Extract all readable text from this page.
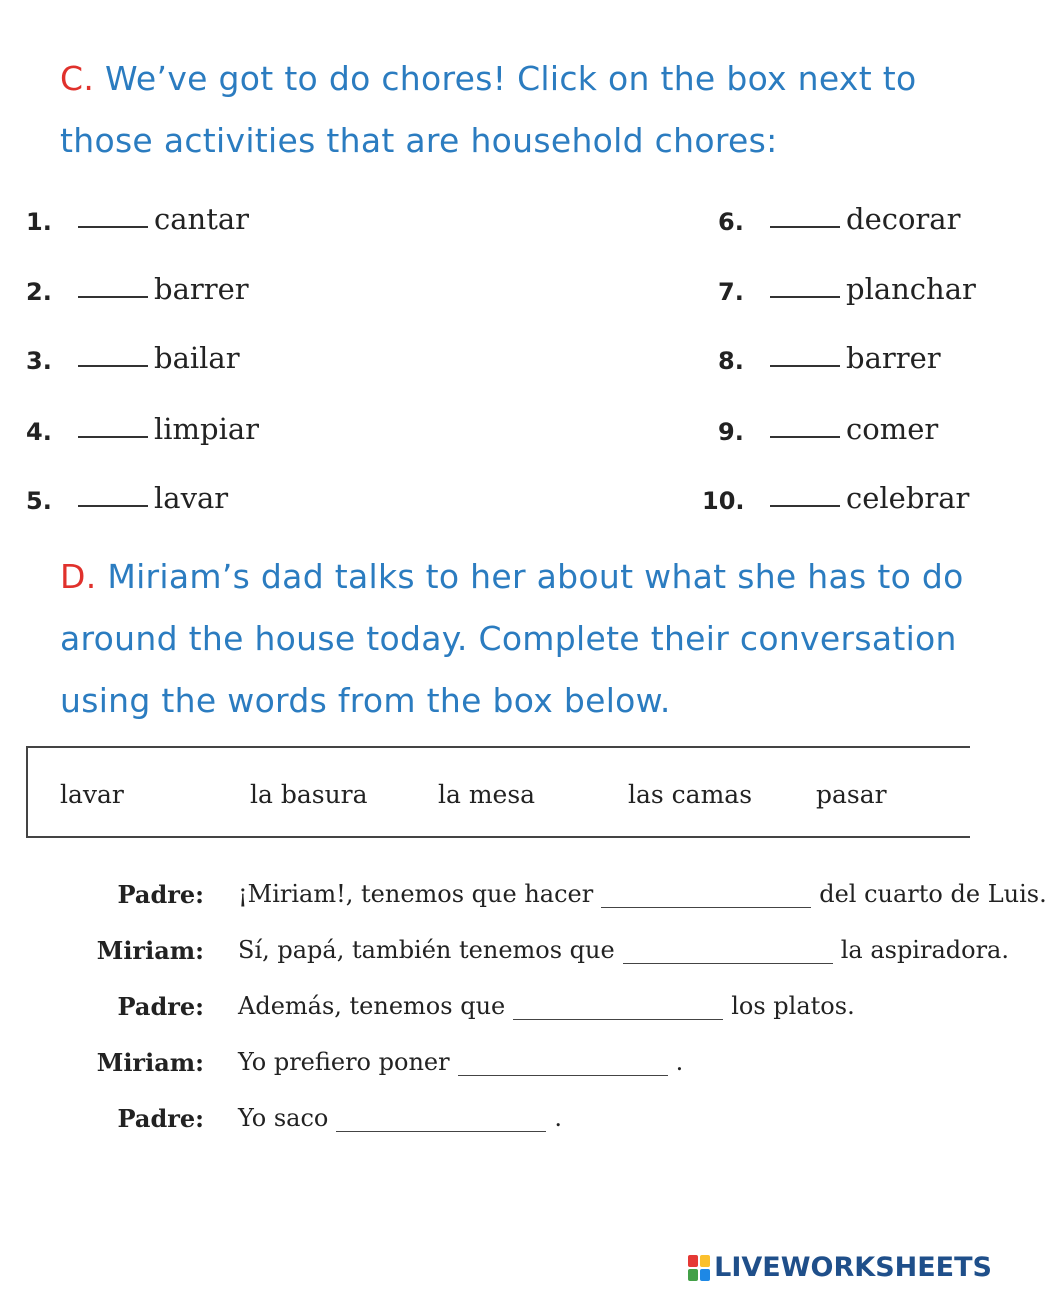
C. We’ve got to do chores! Click on the box next to those activities that are household chores:
1.	cantar
2.	barrer
3.	bailar
4.	limpiar
5.	lavar
6.	decorar
7.	planchar
8.	barrer
9.	comer
10.	celebrar
D. Miriam’s dad talks to her about what she has to do around the house today. Complete their conversation using the words from the box below.
lavar	la basura	la mesa	las camas	pasar
Padre: ¡Miriam!, tenemos que hacer	del cuarto de Luis.
Miriam: Sí, papá, también tenemos que	la aspiradora.
Padre: Además, tenemos que	los platos.
Miriam: Yo prefiero poner	.
Padre: Yo saco	.
LIVEWORKSHEETS
